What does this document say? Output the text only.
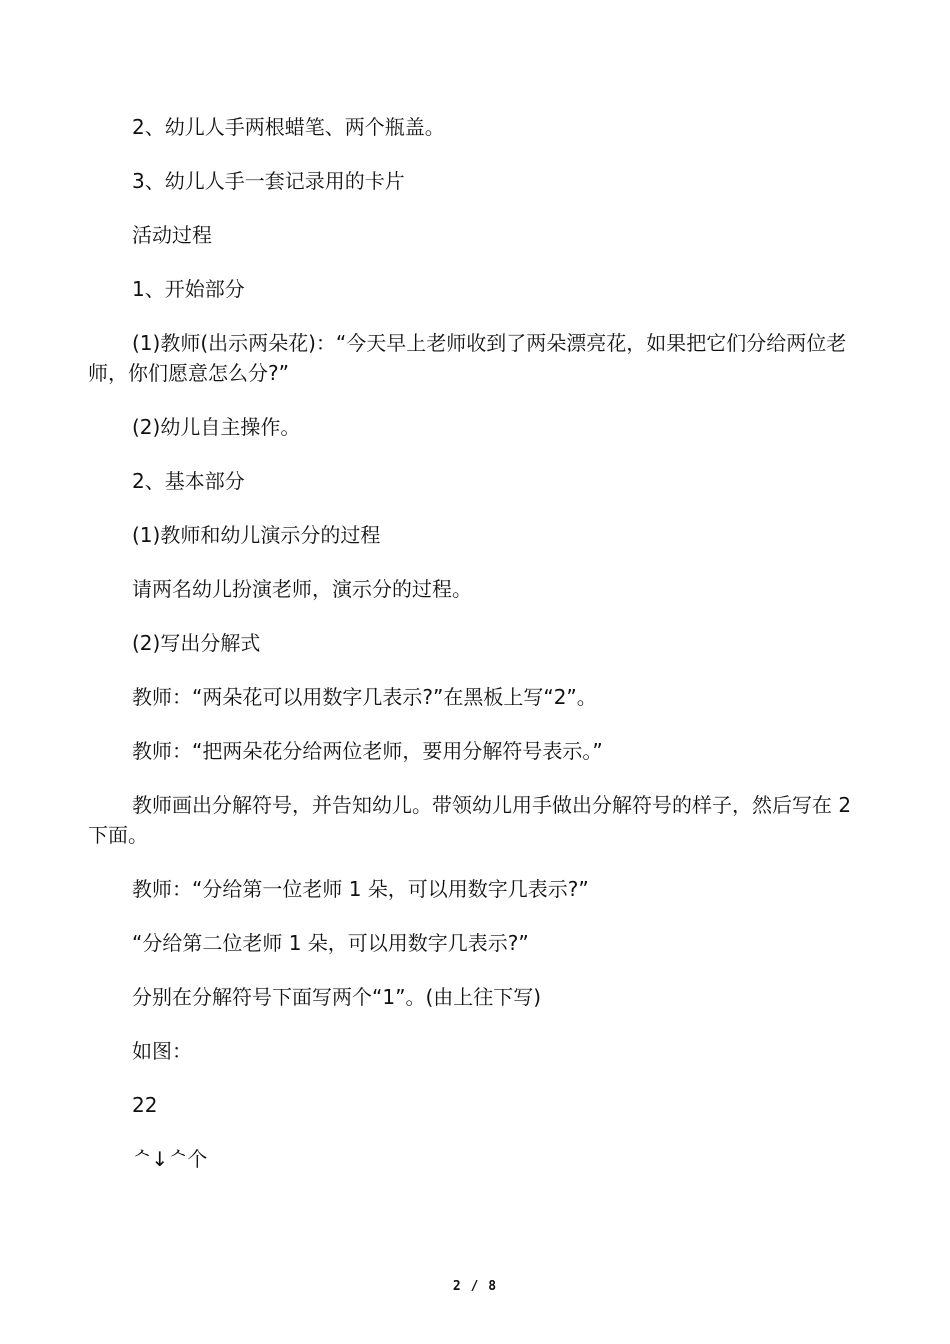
2、幼儿人手两根蜡笔、两个瓶盖。

3、幼儿人手一套记录用的卡片

活动过程

1、开始部分

(1)教师(出示两朵花)：“今天早上老师收到了两朵漂亮花，如果把它们分给两位老师，你们愿意怎么分?”

(2)幼儿自主操作。

2、基本部分

(1)教师和幼儿演示分的过程

请两名幼儿扮演老师，演示分的过程。

(2)写出分解式

教师：“两朵花可以用数字几表示?”在黑板上写“2”。

教师：“把两朵花分给两位老师，要用分解符号表示。”

教师画出分解符号，并告知幼儿。带领幼儿用手做出分解符号的样子，然后写在 2 下面。

教师：“分给第一位老师 1 朵，可以用数字几表示?”

“分给第二位老师 1 朵，可以用数字几表示?”

分别在分解符号下面写两个“1”。(由上往下写)

如图：

22

ᄉ↓ᄉ个

2 / 8
